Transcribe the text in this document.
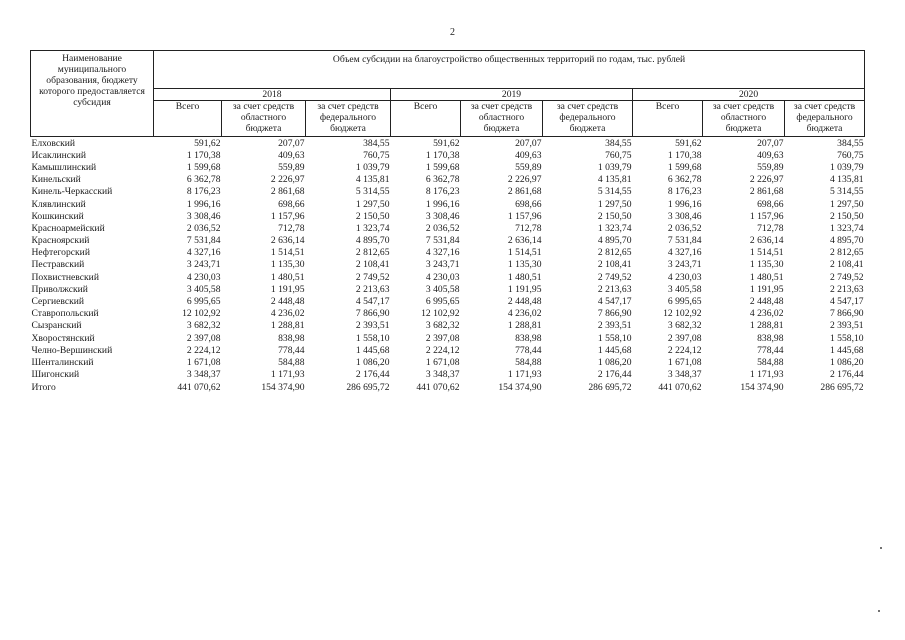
2
Наименование муниципального образования, бюджету которого предоставляется субсидия	Объем субсидии на благоустройство общественных территорий по годам, тыс. рублей								
	2018			2019			2020		
	Всего	за счет средств областного бюджета	за счет средств федерального бюджета	Всего	за счет средств областного бюджета	за счет средств федерального бюджета	Всего	за счет средств областного бюджета	за счет средств федерального бюджета
Елховский	591,62	207,07	384,55	591,62	207,07	384,55	591,62	207,07	384,55
Исаклинский	1 170,38	409,63	760,75	1 170,38	409,63	760,75	1 170,38	409,63	760,75
Камышлинский	1 599,68	559,89	1 039,79	1 599,68	559,89	1 039,79	1 599,68	559,89	1 039,79
Кинельский	6 362,78	2 226,97	4 135,81	6 362,78	2 226,97	4 135,81	6 362,78	2 226,97	4 135,81
Кинель-Черкасский	8 176,23	2 861,68	5 314,55	8 176,23	2 861,68	5 314,55	8 176,23	2 861,68	5 314,55
Клявлинский	1 996,16	698,66	1 297,50	1 996,16	698,66	1 297,50	1 996,16	698,66	1 297,50
Кошкинский	3 308,46	1 157,96	2 150,50	3 308,46	1 157,96	2 150,50	3 308,46	1 157,96	2 150,50
Красноармейский	2 036,52	712,78	1 323,74	2 036,52	712,78	1 323,74	2 036,52	712,78	1 323,74
Красноярский	7 531,84	2 636,14	4 895,70	7 531,84	2 636,14	4 895,70	7 531,84	2 636,14	4 895,70
Нефтегорский	4 327,16	1 514,51	2 812,65	4 327,16	1 514,51	2 812,65	4 327,16	1 514,51	2 812,65
Пестравский	3 243,71	1 135,30	2 108,41	3 243,71	1 135,30	2 108,41	3 243,71	1 135,30	2 108,41
Похвистневский	4 230,03	1 480,51	2 749,52	4 230,03	1 480,51	2 749,52	4 230,03	1 480,51	2 749,52
Приволжский	3 405,58	1 191,95	2 213,63	3 405,58	1 191,95	2 213,63	3 405,58	1 191,95	2 213,63
Сергиевский	6 995,65	2 448,48	4 547,17	6 995,65	2 448,48	4 547,17	6 995,65	2 448,48	4 547,17
Ставропольский	12 102,92	4 236,02	7 866,90	12 102,92	4 236,02	7 866,90	12 102,92	4 236,02	7 866,90
Сызранский	3 682,32	1 288,81	2 393,51	3 682,32	1 288,81	2 393,51	3 682,32	1 288,81	2 393,51
Хворостянский	2 397,08	838,98	1 558,10	2 397,08	838,98	1 558,10	2 397,08	838,98	1 558,10
Челно-Вершинский	2 224,12	778,44	1 445,68	2 224,12	778,44	1 445,68	2 224,12	778,44	1 445,68
Шенталинский	1 671,08	584,88	1 086,20	1 671,08	584,88	1 086,20	1 671,08	584,88	1 086,20
Шигонский	3 348,37	1 171,93	2 176,44	3 348,37	1 171,93	2 176,44	3 348,37	1 171,93	2 176,44
Итого	441 070,62	154 374,90	286 695,72	441 070,62	154 374,90	286 695,72	441 070,62	154 374,90	286 695,72
